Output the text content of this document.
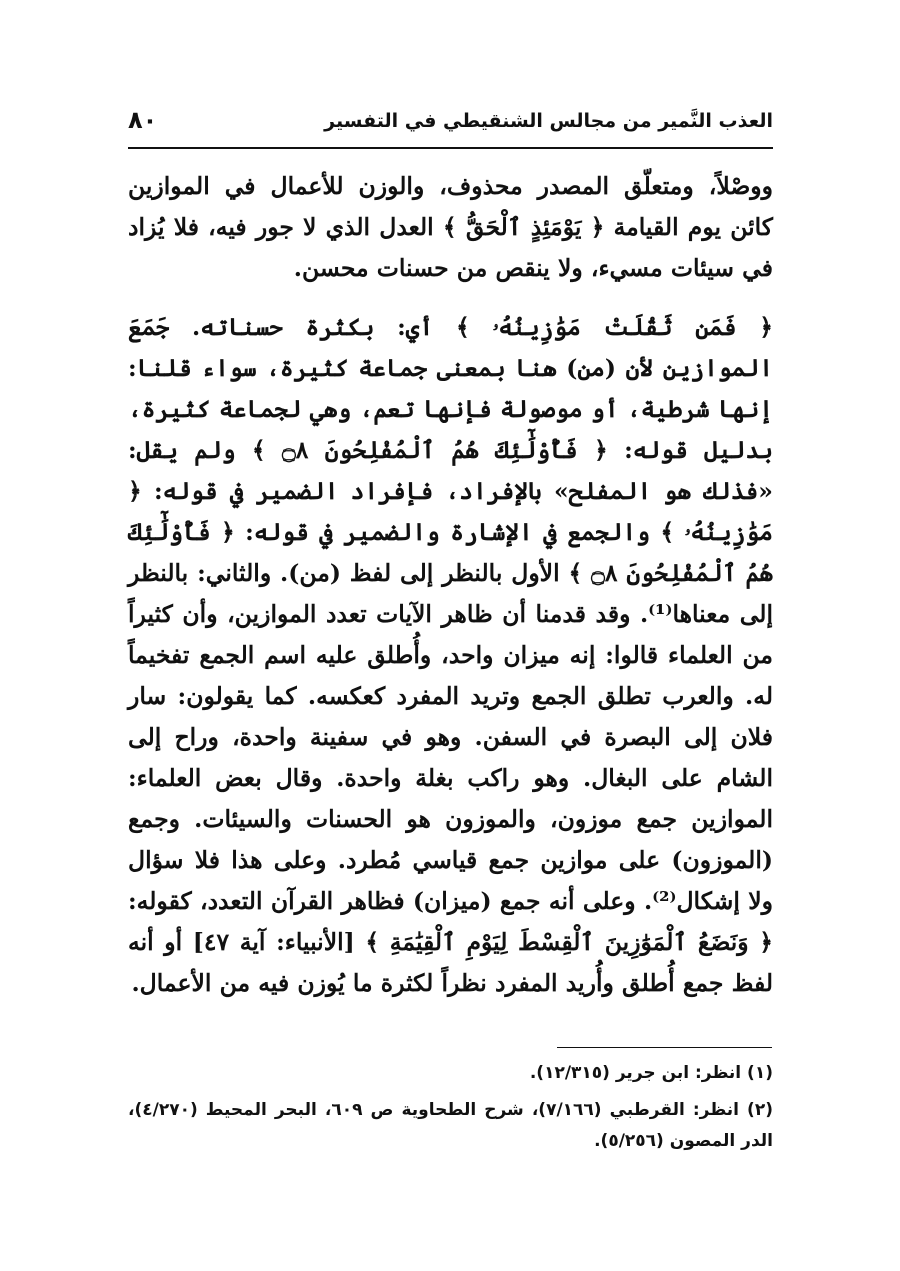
العذب النَّمير من مجالس الشنقيطي في التفسير
٨٠

ووصْلاً، ومتعلّق المصدر محذوف، والوزن للأعمال في الموازين كائن يوم القيامة ﴿ يَوْمَئِذٍ ٱلْحَقُّ ﴾ العدل الذي لا جور فيه، فلا يُزاد في سيئات مسيء، ولا ينقص من حسنات محسن.

﴿ فَمَن ثَقُلَتْ مَوَٰزِينُهُۥ ﴾ أي: بكثرة حسناته. جَمَعَ الموازين لأن (من) هنا بمعنى جماعة كثيرة، سواء قلنا: إنها شرطية، أو موصولة فإنها تعم، وهي لجماعة كثيرة، بدليل قوله: ﴿ فَأُوْلَٰٓئِكَ هُمُ ٱلْمُفْلِحُونَ ۝٨ ﴾ ولم يقل: «فذلك هو المفلح» بالإفراد، فإفراد الضمير في قوله: ﴿ مَوَٰزِينُهُۥ ﴾ والجمع في الإشارة والضمير في قوله: ﴿ فَأُوْلَٰٓئِكَ هُمُ ٱلْمُفْلِحُونَ ۝٨ ﴾ الأول بالنظر إلى لفظ (من). والثاني: بالنظر إلى معناها⁽¹⁾. وقد قدمنا أن ظاهر الآيات تعدد الموازين، وأن كثيراً من العلماء قالوا: إنه ميزان واحد، وأُطلق عليه اسم الجمع تفخيماً له. والعرب تطلق الجمع وتريد المفرد كعكسه. كما يقولون: سار فلان إلى البصرة في السفن. وهو في سفينة واحدة، وراح إلى الشام على البغال. وهو راكب بغلة واحدة. وقال بعض العلماء: الموازين جمع موزون، والموزون هو الحسنات والسيئات. وجمع (الموزون) على موازين جمع قياسي مُطرد. وعلى هذا فلا سؤال ولا إشكال⁽²⁾. وعلى أنه جمع (ميزان) فظاهر القرآن التعدد، كقوله: ﴿ وَنَضَعُ ٱلْمَوَٰزِينَ ٱلْقِسْطَ لِيَوْمِ ٱلْقِيَٰمَةِ ﴾ [الأنبياء: آية ٤٧] أو أنه لفظ جمع أُطلق وأُريد المفرد نظراً لكثرة ما يُوزن فيه من الأعمال.

(١) انظر: ابن جرير (١٢/٣١٥).

(٢) انظر: القرطبي (٧/١٦٦)، شرح الطحاوية ص ٦٠٩، البحر المحيط (٤/٢٧٠)، الدر المصون (٥/٢٥٦).
